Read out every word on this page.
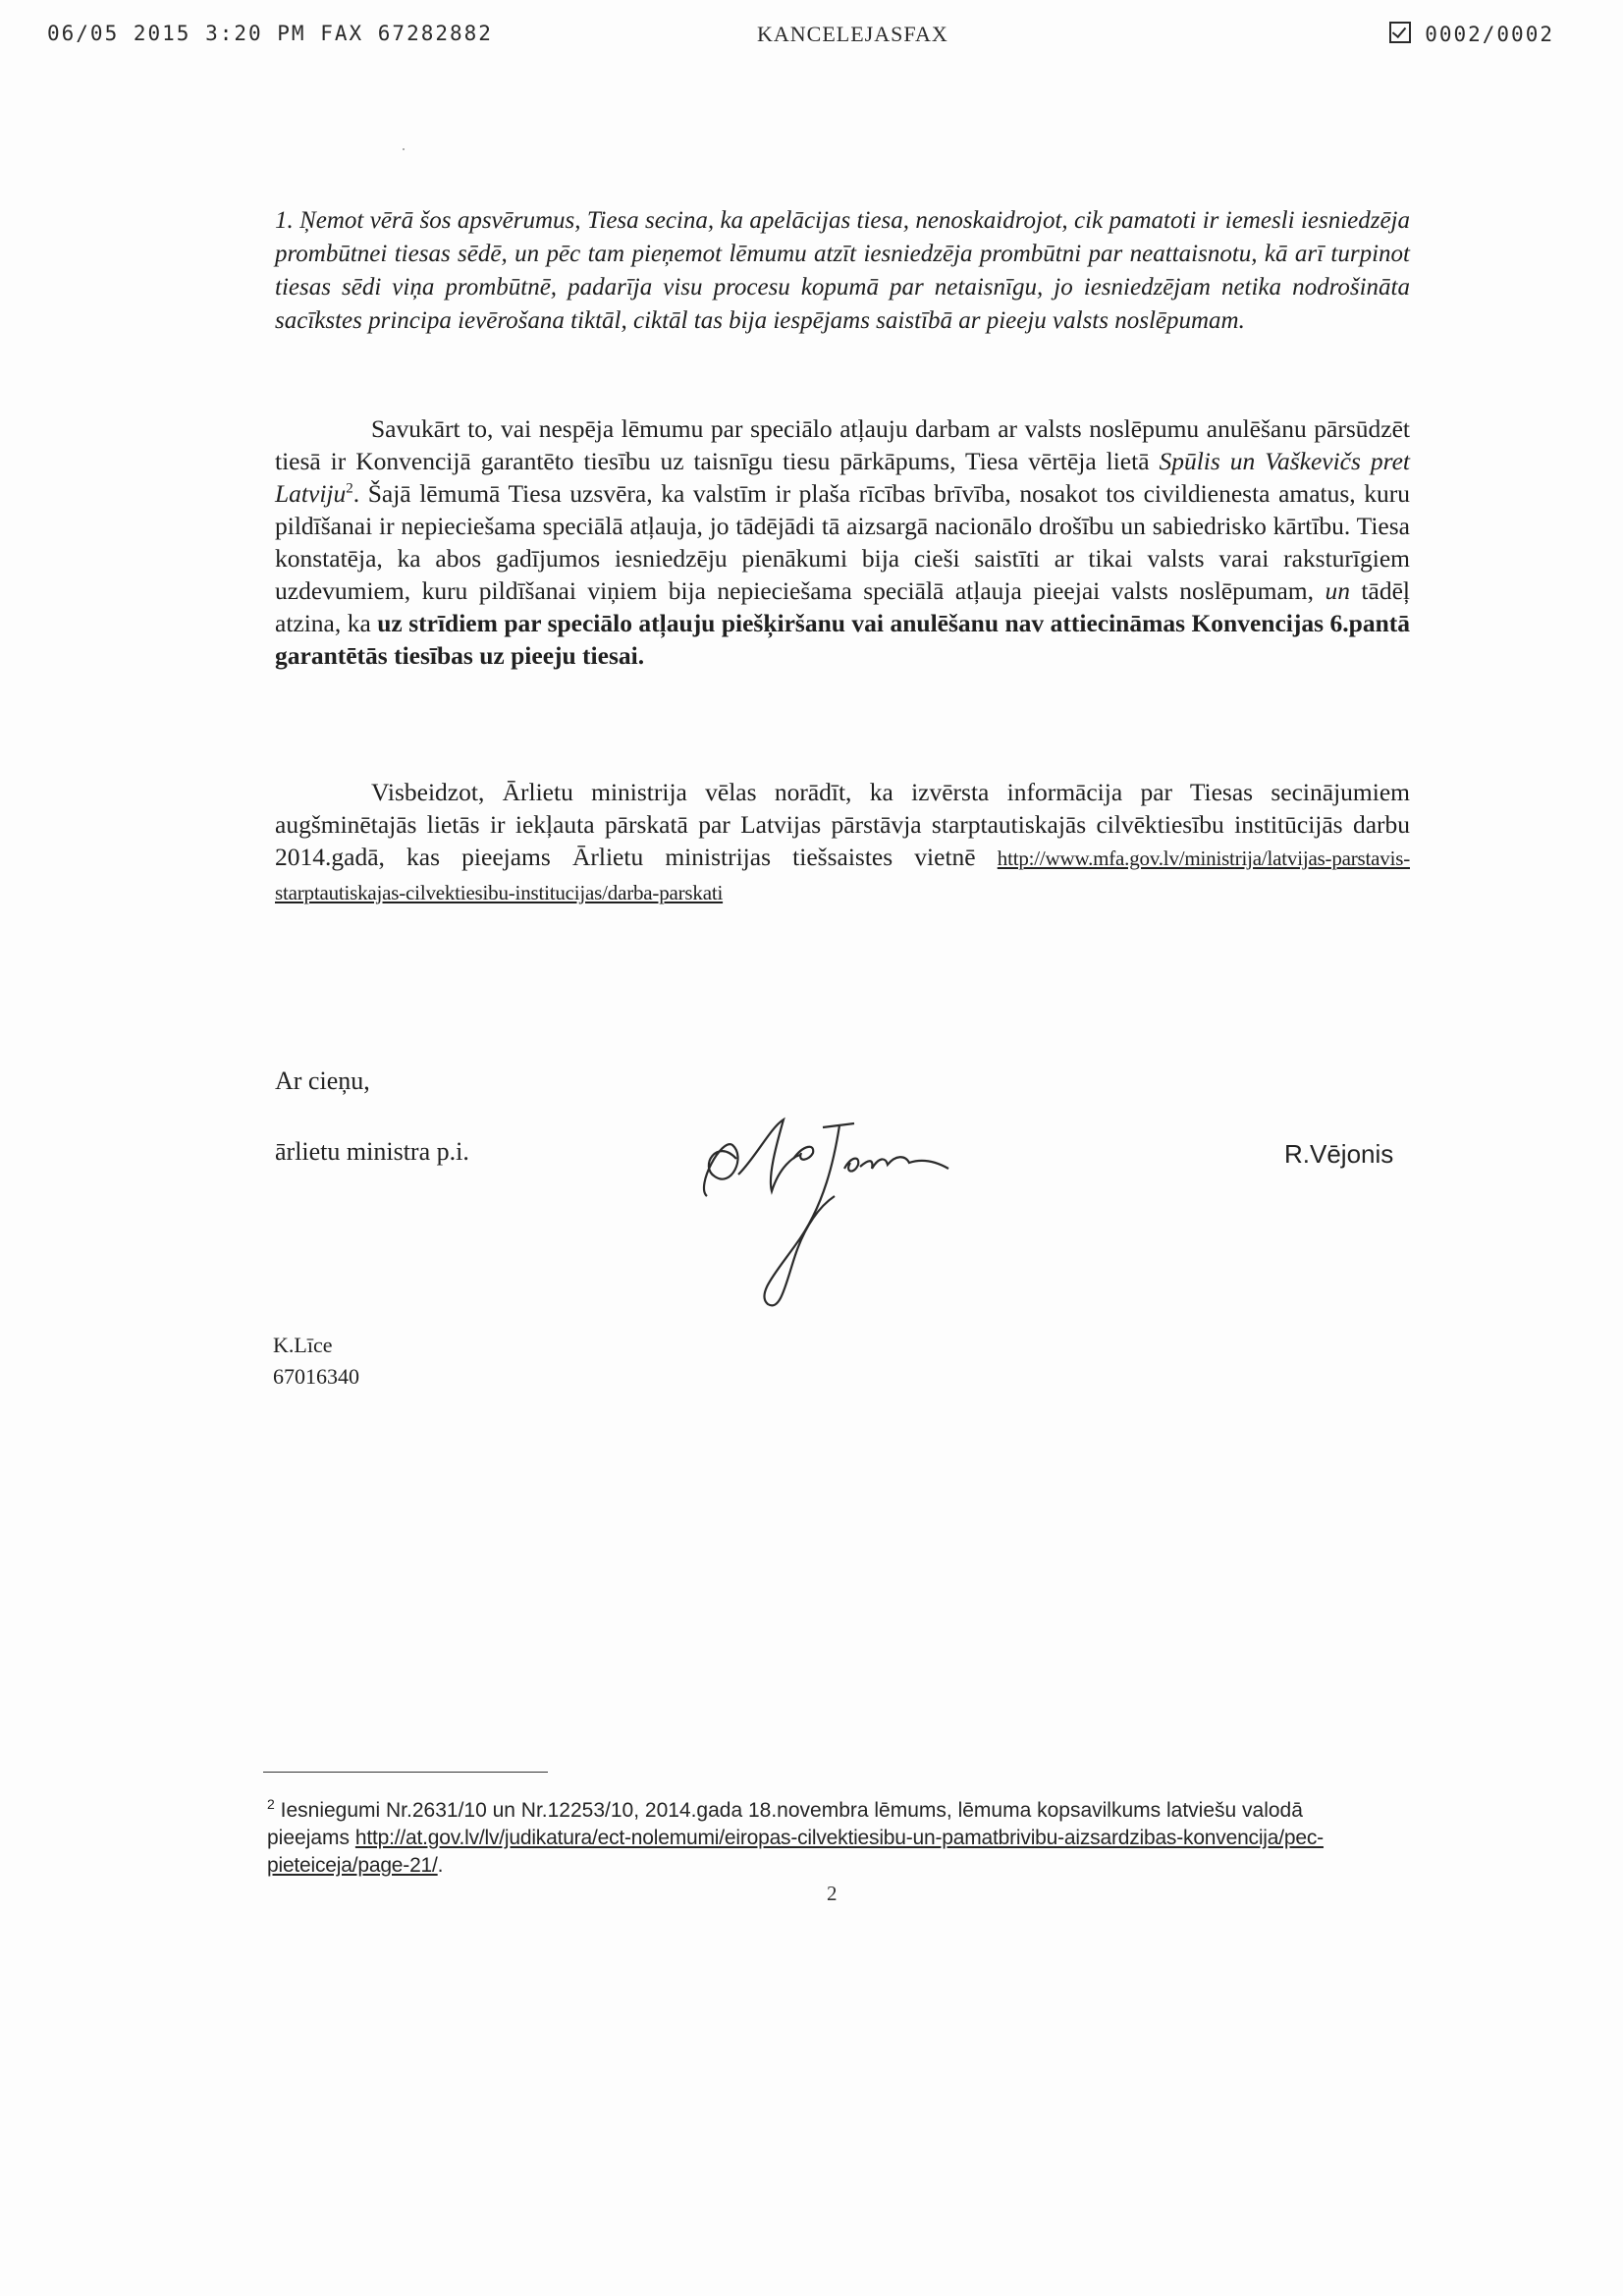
06/05 2015 3:20 PM FAX 67282882	KANCELEJASFAX	0002/0002
1. Ņemot vērā šos apsvērumus, Tiesa secina, ka apelācijas tiesa, nenoskaidrojot, cik pamatoti ir iemesli iesniedzēja prombūtnei tiesas sēdē, un pēc tam pieņemot lēmumu atzīt iesniedzēja prombūtni par neattaisnotu, kā arī turpinot tiesas sēdi viņa prombūtnē, padarīja visu procesu kopumā par netaisnīgu, jo iesniedzējam netika nodrošināta sacīkstes principa ievērošana tiktāl, ciktāl tas bija iespējams saistībā ar pieeju valsts noslēpumam.
Savukārt to, vai nespēja lēmumu par speciālo atļauju darbam ar valsts noslēpumu anulēšanu pārsūdzēt tiesā ir Konvencijā garantēto tiesību uz taisnīgu tiesu pārkāpums, Tiesa vērtēja lietā Spūlis un Vaškevičs pret Latviju$^2$. Šajā lēmumā Tiesa uzsvēra, ka valstīm ir plaša rīcības brīvība, nosakot tos civildienesta amatus, kuru pildīšanai ir nepieciešama speciālā atļauja, jo tādējādi tā aizsargā nacionālo drošību un sabiedrisko kārtību. Tiesa konstatēja, ka abos gadījumos iesniedzēju pienākumi bija cieši saistīti ar tikai valsts varai raksturīgiem uzdevumiem, kuru pildīšanai viņiem bija nepieciešama speciālā atļauja pieejai valsts noslēpumam, un tādēļ atzina, ka uz strīdiem par speciālo atļauju piešķiršanu vai anulēšanu nav attiecināmas Konvencijas 6.pantā garantētās tiesības uz pieeju tiesai.
Visbeidzot, Ārlietu ministrija vēlas norādīt, ka izvērsta informācija par Tiesas secinājumiem augšminētajās lietās ir iekļauta pārskatā par Latvijas pārstāvja starptautiskajās cilvēktiesību institūcijās darbu 2014.gadā, kas pieejams Ārlietu ministrijas tiešsaistes vietnē http://www.mfa.gov.lv/ministrija/latvijas-parstavis-starptautiskajas-cilvektiesibu-institucijas/darba-parskati
Ar cieņu,
ārlietu ministra p.i.	R.Vējonis
K.Līce
67016340
$^2$ Iesniegumi Nr.2631/10 un Nr.12253/10, 2014.gada 18.novembra lēmums, lēmuma kopsavilkums latviešu valodā pieejams http://at.gov.lv/lv/judikatura/ect-nolemumi/eiropas-cilvektiesibu-un-pamatbrivibu-aizsardzibas-konvencija/pec-pieteiceja/page-21/.
2
